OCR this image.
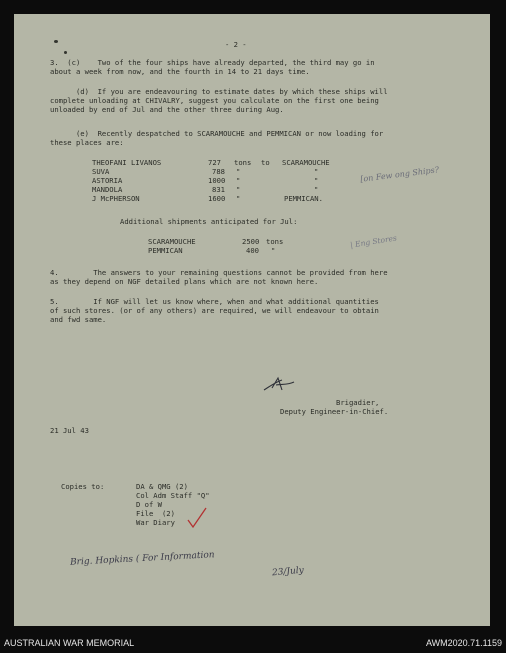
- 2 -
3.  (c)    Two of the four ships have already departed, the third may go in
about a week from now, and the fourth in 14 to 21 days time.
(d)  If you are endeavouring to estimate dates by which these ships will
complete unloading at CHIVALRY, suggest you calculate on the first one being
unloaded by end of Jul and the other three during Aug.
(e)  Recently despatched to SCARAMOUCHE and PEMMICAN or now loading for
these places are:
THEOFANI LIVANOS	727 tons to SCARAMOUCHE
SUVA	788 "	"
ASTORIA	1000 "	"
MANDOLA	831 "	"
J McPHERSON	1600 "	PEMMICAN.
Additional shipments anticipated for Jul:
SCARAMOUCHE	2500 tons
PEMMICAN	400 "
4.        The answers to your remaining questions cannot be provided from here
as they depend on NGF detailed plans which are not known here.
5.        If NGF will let us know where, when and what additional quantities
of such stores. (or of any others) are required, we will endeavour to obtain
and fwd same.
Brigadier,
Deputy Engineer-in-Chief.
21 Jul 43
Copies to:	DA & QMG (2)
Col Adm Staff "Q"
D of W
File  (2)
War Diary
[on Few ong Ships?
| Eng Stores
Brig. Hopkins ( For Information
23/July
AUSTRALIAN WAR MEMORIAL	AWM2020.71.1159
